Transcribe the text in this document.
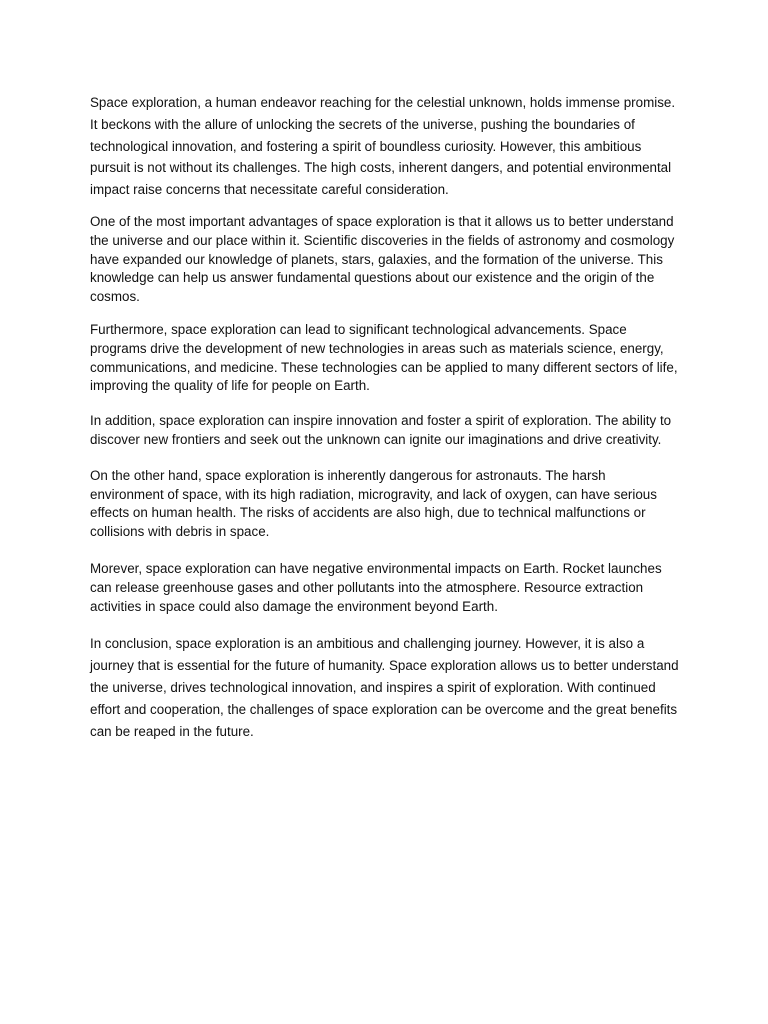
Space exploration, a human endeavor reaching for the celestial unknown, holds immense promise. It beckons with the allure of unlocking the secrets of the universe, pushing the boundaries of technological innovation, and fostering a spirit of boundless curiosity. However, this ambitious pursuit is not without its challenges. The high costs, inherent dangers, and potential environmental impact raise concerns that necessitate careful consideration.

One of the most important advantages of space exploration is that it allows us to better understand the universe and our place within it. Scientific discoveries in the fields of astronomy and cosmology have expanded our knowledge of planets, stars, galaxies, and the formation of the universe. This knowledge can help us answer fundamental questions about our existence and the origin of the cosmos.

Furthermore, space exploration can lead to significant technological advancements. Space programs drive the development of new technologies in areas such as materials science, energy, communications, and medicine. These technologies can be applied to many different sectors of life, improving the quality of life for people on Earth.

In addition, space exploration can inspire innovation and foster a spirit of exploration. The ability to discover new frontiers and seek out the unknown can ignite our imaginations and drive creativity.

On the other hand, space exploration is inherently dangerous for astronauts. The harsh environment of space, with its high radiation, microgravity, and lack of oxygen, can have serious effects on human health. The risks of accidents are also high, due to technical malfunctions or collisions with debris in space.

Morever, space exploration can have negative environmental impacts on Earth. Rocket launches can release greenhouse gases and other pollutants into the atmosphere. Resource extraction activities in space could also damage the environment beyond Earth.

In conclusion, space exploration is an ambitious and challenging journey. However, it is also a journey that is essential for the future of humanity. Space exploration allows us to better understand the universe, drives technological innovation, and inspires a spirit of exploration. With continued effort and cooperation, the challenges of space exploration can be overcome and the great benefits can be reaped in the future.
